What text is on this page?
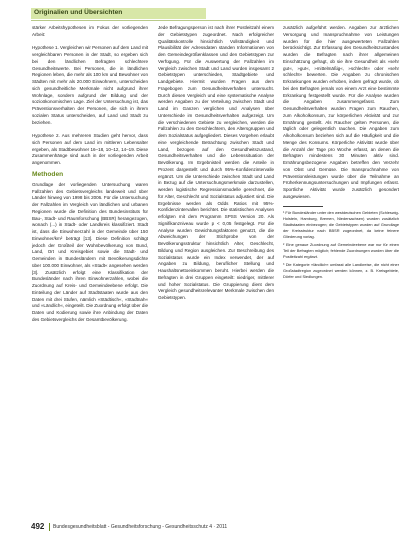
Originalien und Übersichten

stärker Arbeitshypothesen im Fokus der vorliegenden Arbeit:

Hypothese 1. Vergleichen wir Personen auf dem Land mit vergleichbaren Personen in der Stadt, so ergeben sich bei den ländlichen Befragten schlechtere Gesundheitswerte. Bei Personen, die in ländlichen Regionen leben, die mehr als 100 km und Bewohner von Städten mit mehr als 20.000 Einwohnern, unterscheiden sich gesundheitliche Merkmale nicht aufgrund ihrer Wohnlage, sondern aufgrund der Bildung und der sozioökonomischen Lage. Ziel der Untersuchung ist, das Präventionsverhalten der Personen, die sich in ihrem sozialen Status unterscheiden, auf Land und Stadt zu beziehen.

Hypothese 2. Aus mehreren Studien geht hervor, dass sich Personen auf dem Land im mittleren Lebensalter ergeben, als Stadtbewohner 16–18, 10–12, 14–19. Diese Zusammenhänge sind auch in der vorliegenden Arbeit angenommen.

Methoden

Grundlage der vorliegenden Untersuchung waren Fallzahlen des Gebietsvergleichs landeweit und über Länder hinweg von 1998 bis 2006. Für die Untersuchung der Fallzahlen im Vergleich von ländlichen und urbanen Regionen wurde die Definition des Bundesinstituts für Bau-, Stadt- und Raumforschung (BBSR) herangezogen, wonach (...) in Stadt- oder Landkreis klassifiziert. Stadt ist, dass die Einwohnerzahl in der Gemeinde über 150 Einwohner/km² beträgt [13]. Diese Definition schlägt jedoch der Großteil der Wohnbevölkerung von Bund, Land, Ort und Kreisgebiet sowie die Stadt- und Gemeinden in Bundesländern mit Bevölkerungsdichte über 100.000 Einwohner, als »Stadt« angesehen werden [3]. Zusätzlich erfolgt eine Klassifikation der Bundesländer nach ihren Einwohnerzahlen, wobei die Zuordnung auf Kreis- und Gemeindeebene erfolgt. Die Einteilung der Länder auf Stadtstaaten wurde aus den Daten mit drei Stufen, nämlich »Städtisch«, »Stadtnah« und »Ländlich«, eingeteilt. Die Zuordnung erfolgt über die Daten und Kodierung sowie ihre Anbindung der Daten des Gebietsvergleichs der Gesamtbevölkerung.

Jede Befragungsperson ist nach ihrer Postleitzahl einem der Gebietstypen zugeordnet. Nach erfolgreicher Qualitätskontrolle hinsichtlich Vollständigkeit und Plausibilität der Adressdaten standen Informationen von den Gemeindegrößenklassen und den Gebietstypen zur Verfügung. Für die Auswertung der Fallzahlen im Vergleich zwischen Stadt und Land wurden insgesamt 2 Gebietstypen unterschieden, Stadtgebiete und Landgebiete. Hiermit wurden Fragen aus dem Fragebogen zum Gesundheitsverhalten untersucht. Durch diesen Vergleich und eine systematische Analyse werden Angaben zu der Verteilung zwischen Stadt und Land im Ganzen verglichen und Analysen über Unterschiede im Gesundheitsverhalten aufgezeigt. Um die verschiedenen Gebiete zu vergleichen, werden die Fallzahlen zu den Geschlechtern, den Altersgruppen und dem Sozialstatus aufgegliedert. Dieses Vorgehen erlaubt eine vergleichende Betrachtung zwischen Stadt und Land, bezogen auf den Gesundheitszustand, Gesundheitsverhalten und die Lebenssituation der Bevölkerung. Im Ergebnisteil werden die Anteile in Prozent dargestellt und durch 95%-Konfidenzintervalle ergänzt. Um die Unterschiede zwischen Stadt und Land in Bezug auf die Untersuchungsmerkmale darzustellen, werden logistische Regressionsmodelle gerechnet, die für Alter, Geschlecht und Sozialstatus adjustiert sind. Die Ergebnisse werden als Odds Ratios mit 95%-Konfidenzintervallen berichtet. Die statistischen Analysen erfolgten mit dem Programm SPSS Version 20. Als Signifikanzniveau wurde p < 0,05 festgelegt. Für die Analyse wurden Gewichtungsfaktoren genutzt, die die Abweichungen der Stichprobe von der Bevölkerungsstruktur hinsichtlich Alter, Geschlecht, Bildung und Region ausgleichen. Zur Beschreibung des Sozialstatus wurde ein Index verwendet, der auf Angaben zu Bildung, beruflicher Stellung und Haushaltsnettoeinkommen beruht. Hierbei werden die Befragten in drei Gruppen eingeteilt: niedriger, mittlerer und hoher Sozialstatus. Die Gruppierung dient dem Vergleich gesundheitsrelevanter Merkmale zwischen den Gebietstypen.

zusätzlich aufgeführt werden. Angaben zur ärztlichen Versorgung und Inanspruchnahme von Leistungen wurden für die hier ausgewerteten Fallzahlen berücksichtigt. Zur Erfassung des Gesundheitszustandes wurden die Befragten nach ihrer allgemeinen Einschätzung gefragt, ob sie ihre Gesundheit als »sehr gut«, »gut«, »mittelmäßig«, »schlecht« oder »sehr schlecht« bewerten. Die Angaben zu chronischen Erkrankungen wurden erhoben, indem gefragt wurde, ob bei den Befragten jemals von einem Arzt eine bestimmte Erkrankung festgestellt wurde. Für die Analyse wurden die Angaben zusammengefasst. Zum Gesundheitsverhalten wurden Fragen zum Rauchen, zum Alkoholkonsum, zur körperlichen Aktivität und zur Ernährung gestellt. Als Raucher gelten Personen, die täglich oder gelegentlich rauchen. Die Angaben zum Alkoholkonsum beziehen sich auf die Häufigkeit und die Menge des Konsums. Körperliche Aktivität wurde über die Anzahl der Tage pro Woche erfasst, an denen die Befragten mindestens 30 Minuten aktiv sind. Ernährungsbezogene Angaben betreffen den Verzehr von Obst und Gemüse. Die Inanspruchnahme von Präventionsleistungen wurde über die Teilnahme an Früherkennungsuntersuchungen und Impfungen erfasst. Sportliche Aktivität wurde zusätzlich gesondert ausgewiesen.

¹ Für Bundesländer unter den westdeutschen Gebieten (Schleswig-Holstein, Hamburg, Bremen, Niedersachsen) wurden zusätzlich Stadtstaaten einbezogen; die Gebietstypen wurden auf Grundlage der Kreisstruktur nach BBSR zugeordnet, da keine feinere Gliederung vorlag.

² Eine genaue Zuordnung auf Gemeindeebene war nur für einen Teil der Befragten möglich; fehlende Zuordnungen wurden über die Postleitzahl ergänzt.

³ Die Kategorie »ländlich« umfasst alle Landkreise, die nicht einer Großstadtregion zugeordnet werden können, z. B. Kreisgebiete, Dörfer und Siedlungen.

492 Bundesgesundheitsblatt - Gesundheitsforschung - Gesundheitsschutz 4 · 2011
